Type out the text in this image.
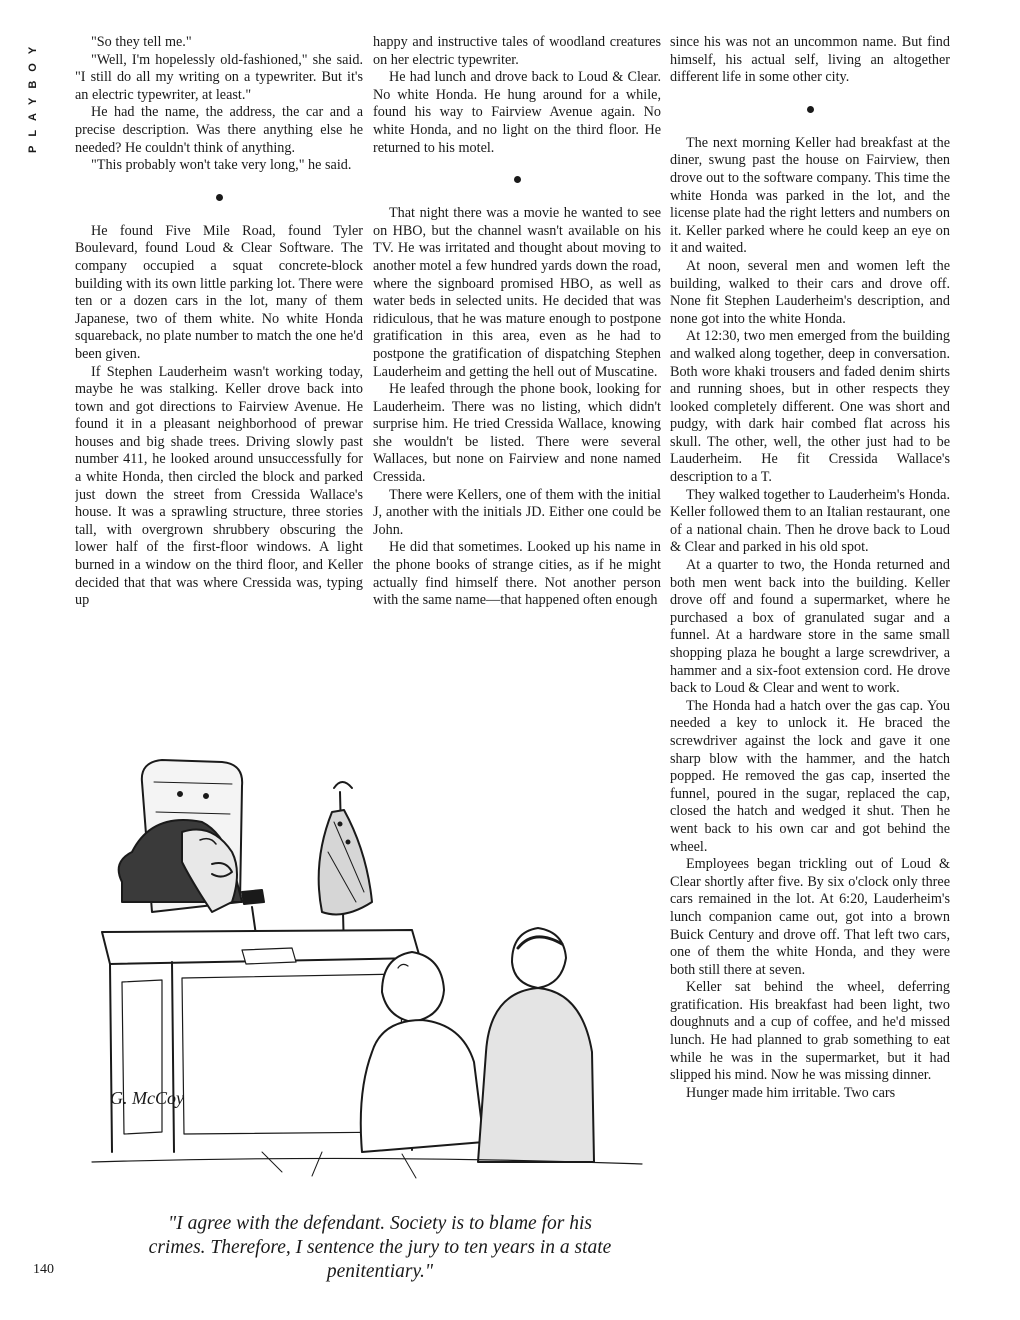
PLAYBOY	"So they tell me."

"Well, I'm hopelessly old-fashioned," she said. "I still do all my writing on a typewriter. But it's an electric typewriter, at least."

He had the name, the address, the car and a precise description. Was there anything else he needed? He couldn't think of anything.

"This probably won't take very long," he said.

He found Five Mile Road, found Tyler Boulevard, found Loud & Clear Software. The company occupied a squat concrete-block building with its own little parking lot. There were ten or a dozen cars in the lot, many of them Japanese, two of them white. No white Honda squareback, no plate number to match the one he'd been given.

If Stephen Lauderheim wasn't working today, maybe he was stalking. Keller drove back into town and got directions to Fairview Avenue. He found it in a pleasant neighborhood of prewar houses and big shade trees. Driving slowly past number 411, he looked around unsuccessfully for a white Honda, then circled the block and parked just down the street from Cressida Wallace's house. It was a sprawling structure, three stories tall, with overgrown shrubbery obscuring the lower half of the first-floor windows. A light burned in a window on the third floor, and Keller decided that that was where Cressida was, typing up

happy and instructive tales of woodland creatures on her electric typewriter.

He had lunch and drove back to Loud & Clear. No white Honda. He hung around for a while, found his way to Fairview Avenue again. No white Honda, and no light on the third floor. He returned to his motel.

That night there was a movie he wanted to see on HBO, but the channel wasn't available on his TV. He was irritated and thought about moving to another motel a few hundred yards down the road, where the signboard promised HBO, as well as water beds in selected units. He decided that was ridiculous, that he was mature enough to postpone gratification in this area, even as he had to postpone the gratification of dispatching Stephen Lauderheim and getting the hell out of Muscatine.

He leafed through the phone book, looking for Lauderheim. There was no listing, which didn't surprise him. He tried Cressida Wallace, knowing she wouldn't be listed. There were several Wallaces, but none on Fairview and none named Cressida.

There were Kellers, one of them with the initial J, another with the initials JD. Either one could be John.

He did that sometimes. Looked up his name in the phone books of strange cities, as if he might actually find himself there. Not another person with the same name—that happened often enough

since his was not an uncommon name. But find himself, his actual self, living an altogether different life in some other city.

The next morning Keller had breakfast at the diner, swung past the house on Fairview, then drove out to the software company. This time the white Honda was parked in the lot, and the license plate had the right letters and numbers on it. Keller parked where he could keep an eye on it and waited.

At noon, several men and women left the building, walked to their cars and drove off. None fit Stephen Lauderheim's description, and none got into the white Honda.

At 12:30, two men emerged from the building and walked along together, deep in conversation. Both wore khaki trousers and faded denim shirts and running shoes, but in other respects they looked completely different. One was short and pudgy, with dark hair combed flat across his skull. The other, well, the other just had to be Lauderheim. He fit Cressida Wallace's description to a T.

They walked together to Lauderheim's Honda. Keller followed them to an Italian restaurant, one of a national chain. Then he drove back to Loud & Clear and parked in his old spot.

At a quarter to two, the Honda returned and both men went back into the building. Keller drove off and found a supermarket, where he purchased a box of granulated sugar and a funnel. At a hardware store in the same small shopping plaza he bought a large screwdriver, a hammer and a six-foot extension cord. He drove back to Loud & Clear and went to work.

The Honda had a hatch over the gas cap. You needed a key to unlock it. He braced the screwdriver against the lock and gave it one sharp blow with the hammer, and the hatch popped. He removed the gas cap, inserted the funnel, poured in the sugar, replaced the cap, closed the hatch and wedged it shut. Then he went back to his own car and got behind the wheel.

Employees began trickling out of Loud & Clear shortly after five. By six o'clock only three cars remained in the lot. At 6:20, Lauderheim's lunch companion came out, got into a brown Buick Century and drove off. That left two cars, one of them the white Honda, and they were both still there at seven.

Keller sat behind the wheel, deferring gratification. His breakfast had been light, two doughnuts and a cup of coffee, and he'd missed lunch. He had planned to grab something to eat while he was in the supermarket, but it had slipped his mind. Now he was missing dinner.

Hunger made him irritable. Two cars

G. McCoy
"I agree with the defendant. Society is to blame for his crimes. Therefore, I sentence the jury to ten years in a state penitentiary."
140
